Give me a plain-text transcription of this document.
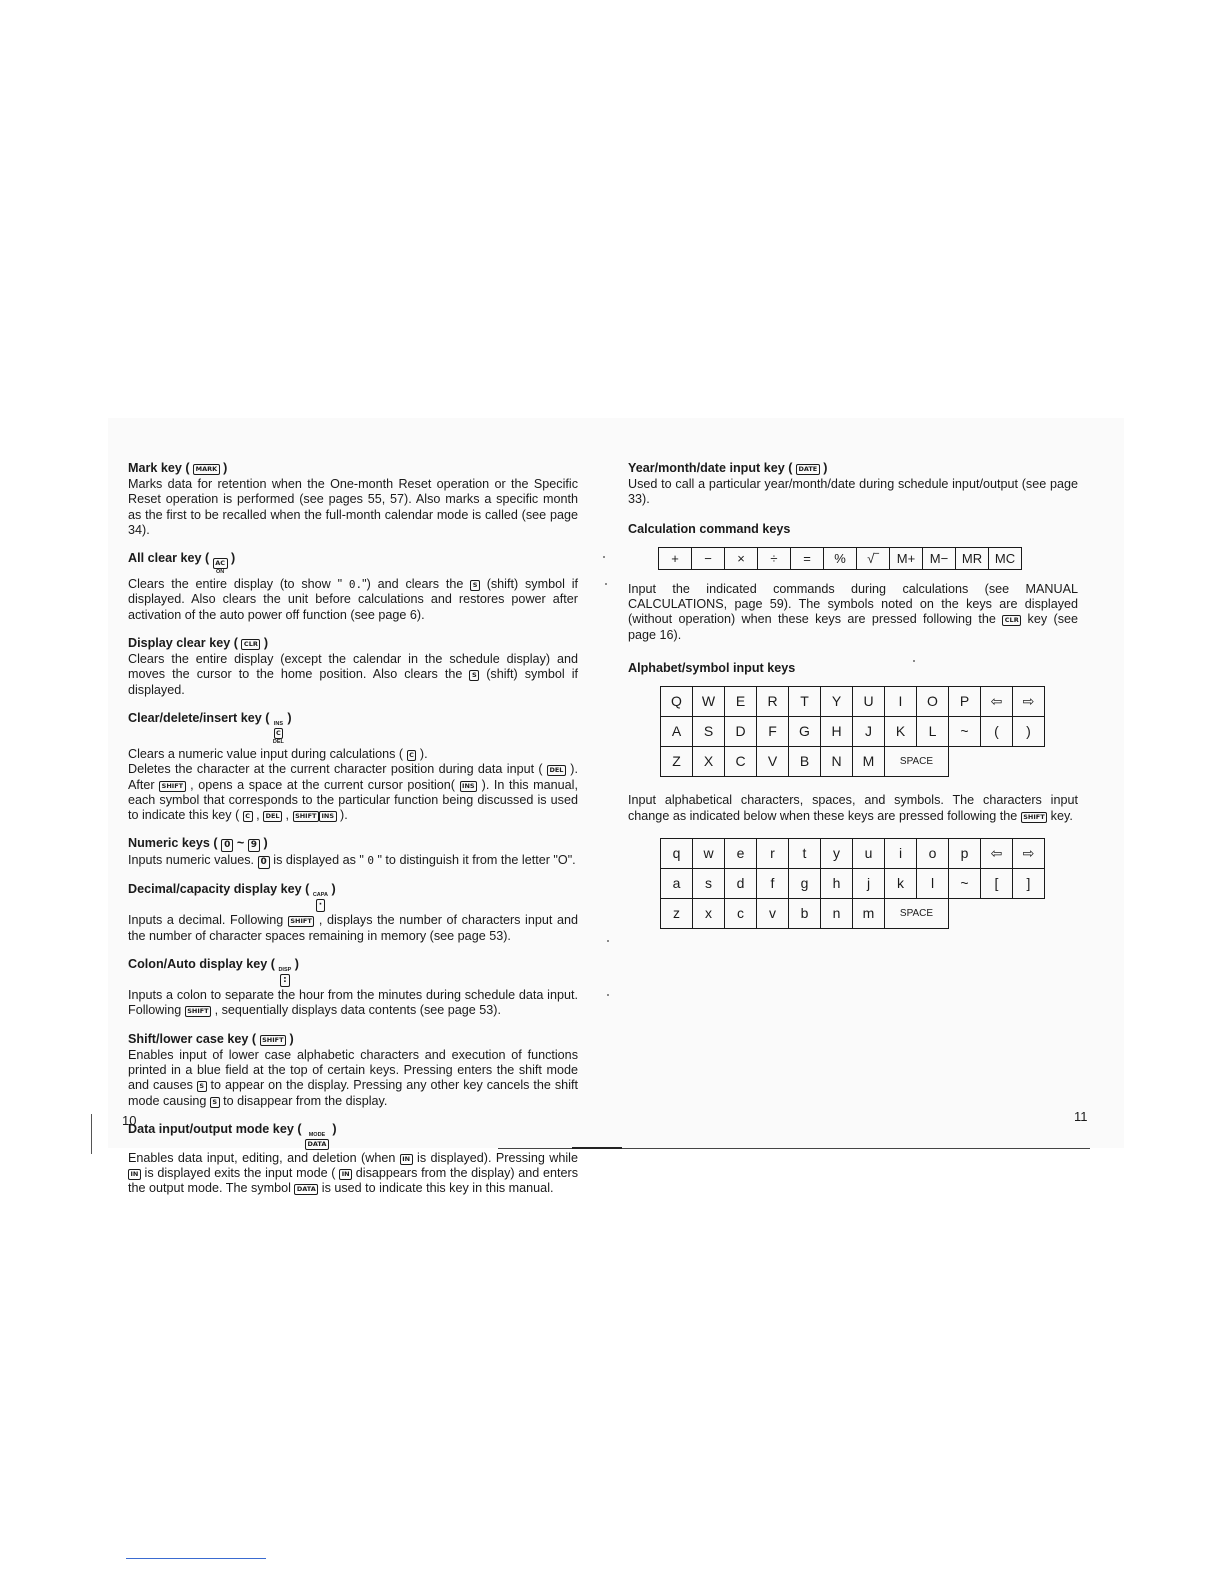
Mark key ( MARK )
Marks data for retention when the One-month Reset operation or the Specific Reset operation is performed (see pages 55, 57). Also marks a specific month as the first to be recalled when the full-month calendar mode is called (see page 34).
All clear key ( AC
ON
)
Clears the entire display (to show " 0.") and clears the S (shift) symbol if displayed. Also clears the unit before calculations and restores power after activation of the auto power off function (see page 6).
Display clear key ( CLR )
Clears the entire display (except the calendar in the schedule display) and moves the cursor to the home position. Also clears the S (shift) symbol if displayed.
Clear/delete/insert key ( INS
C
DEL
)

Clears a numeric value input during calculations ( C ).

Deletes the character at the current character position during data input ( DEL ). After SHIFT , opens a space at the current cursor position( INS ). In this manual, each symbol that corresponds to the particular function being discussed is used to indicate this key ( C , DEL , SHIFT INS ).

Numeric keys ( 0 ~ 9 )
Inputs numeric values. 0 is displayed as " 0 " to distinguish it from the letter "O".
Decimal/capacity display key ( CAPA
·
)
Inputs a decimal. Following SHIFT , displays the number of characters input and the number of character spaces remaining in memory (see page 53).
Colon/Auto display key ( DISP
:
)
Inputs a colon to separate the hour from the minutes during schedule data input. Following SHIFT , sequentially displays data contents (see page 53).
Shift/lower case key ( SHIFT )
Enables input of lower case alphabetic characters and execution of functions printed in a blue field at the top of certain keys. Pressing enters the shift mode and causes S to appear on the display. Pressing any other key cancels the shift mode causing S to disappear from the display.
Data input/output mode key ( MODE
DATA
)
Enables data input, editing, and deletion (when IN is displayed). Pressing while IN is displayed exits the input mode ( IN disappears from the display) and enters the output mode. The symbol DATA is used to indicate this key in this manual.
10
Year/month/date input key ( DATE )
Used to call a particular year/month/date during schedule input/output (see page 33).
Calculation command keys
+	−	×	÷	=	%	√‾	M+	M−	MR	MC
Input the indicated commands during calculations (see MANUAL CALCULATIONS, page 59). The symbols noted on the keys are displayed (without operation) when these keys are pressed following the CLR key (see page 16).
Alphabet/symbol input keys
Q	W	E	R	T	Y	U	I	O	P	⇦	⇨
A	S	D	F	G	H	J	K	L	~	(	)
Z	X	C	V	B	N	M	SPACE				
Input alphabetical characters, spaces, and symbols. The characters input change as indicated below when these keys are pressed following the SHIFT key.
q	w	e	r	t	y	u	i	o	p	⇦	⇨
a	s	d	f	g	h	j	k	l	~	[	]
z	x	c	v	b	n	m	SPACE				
11
